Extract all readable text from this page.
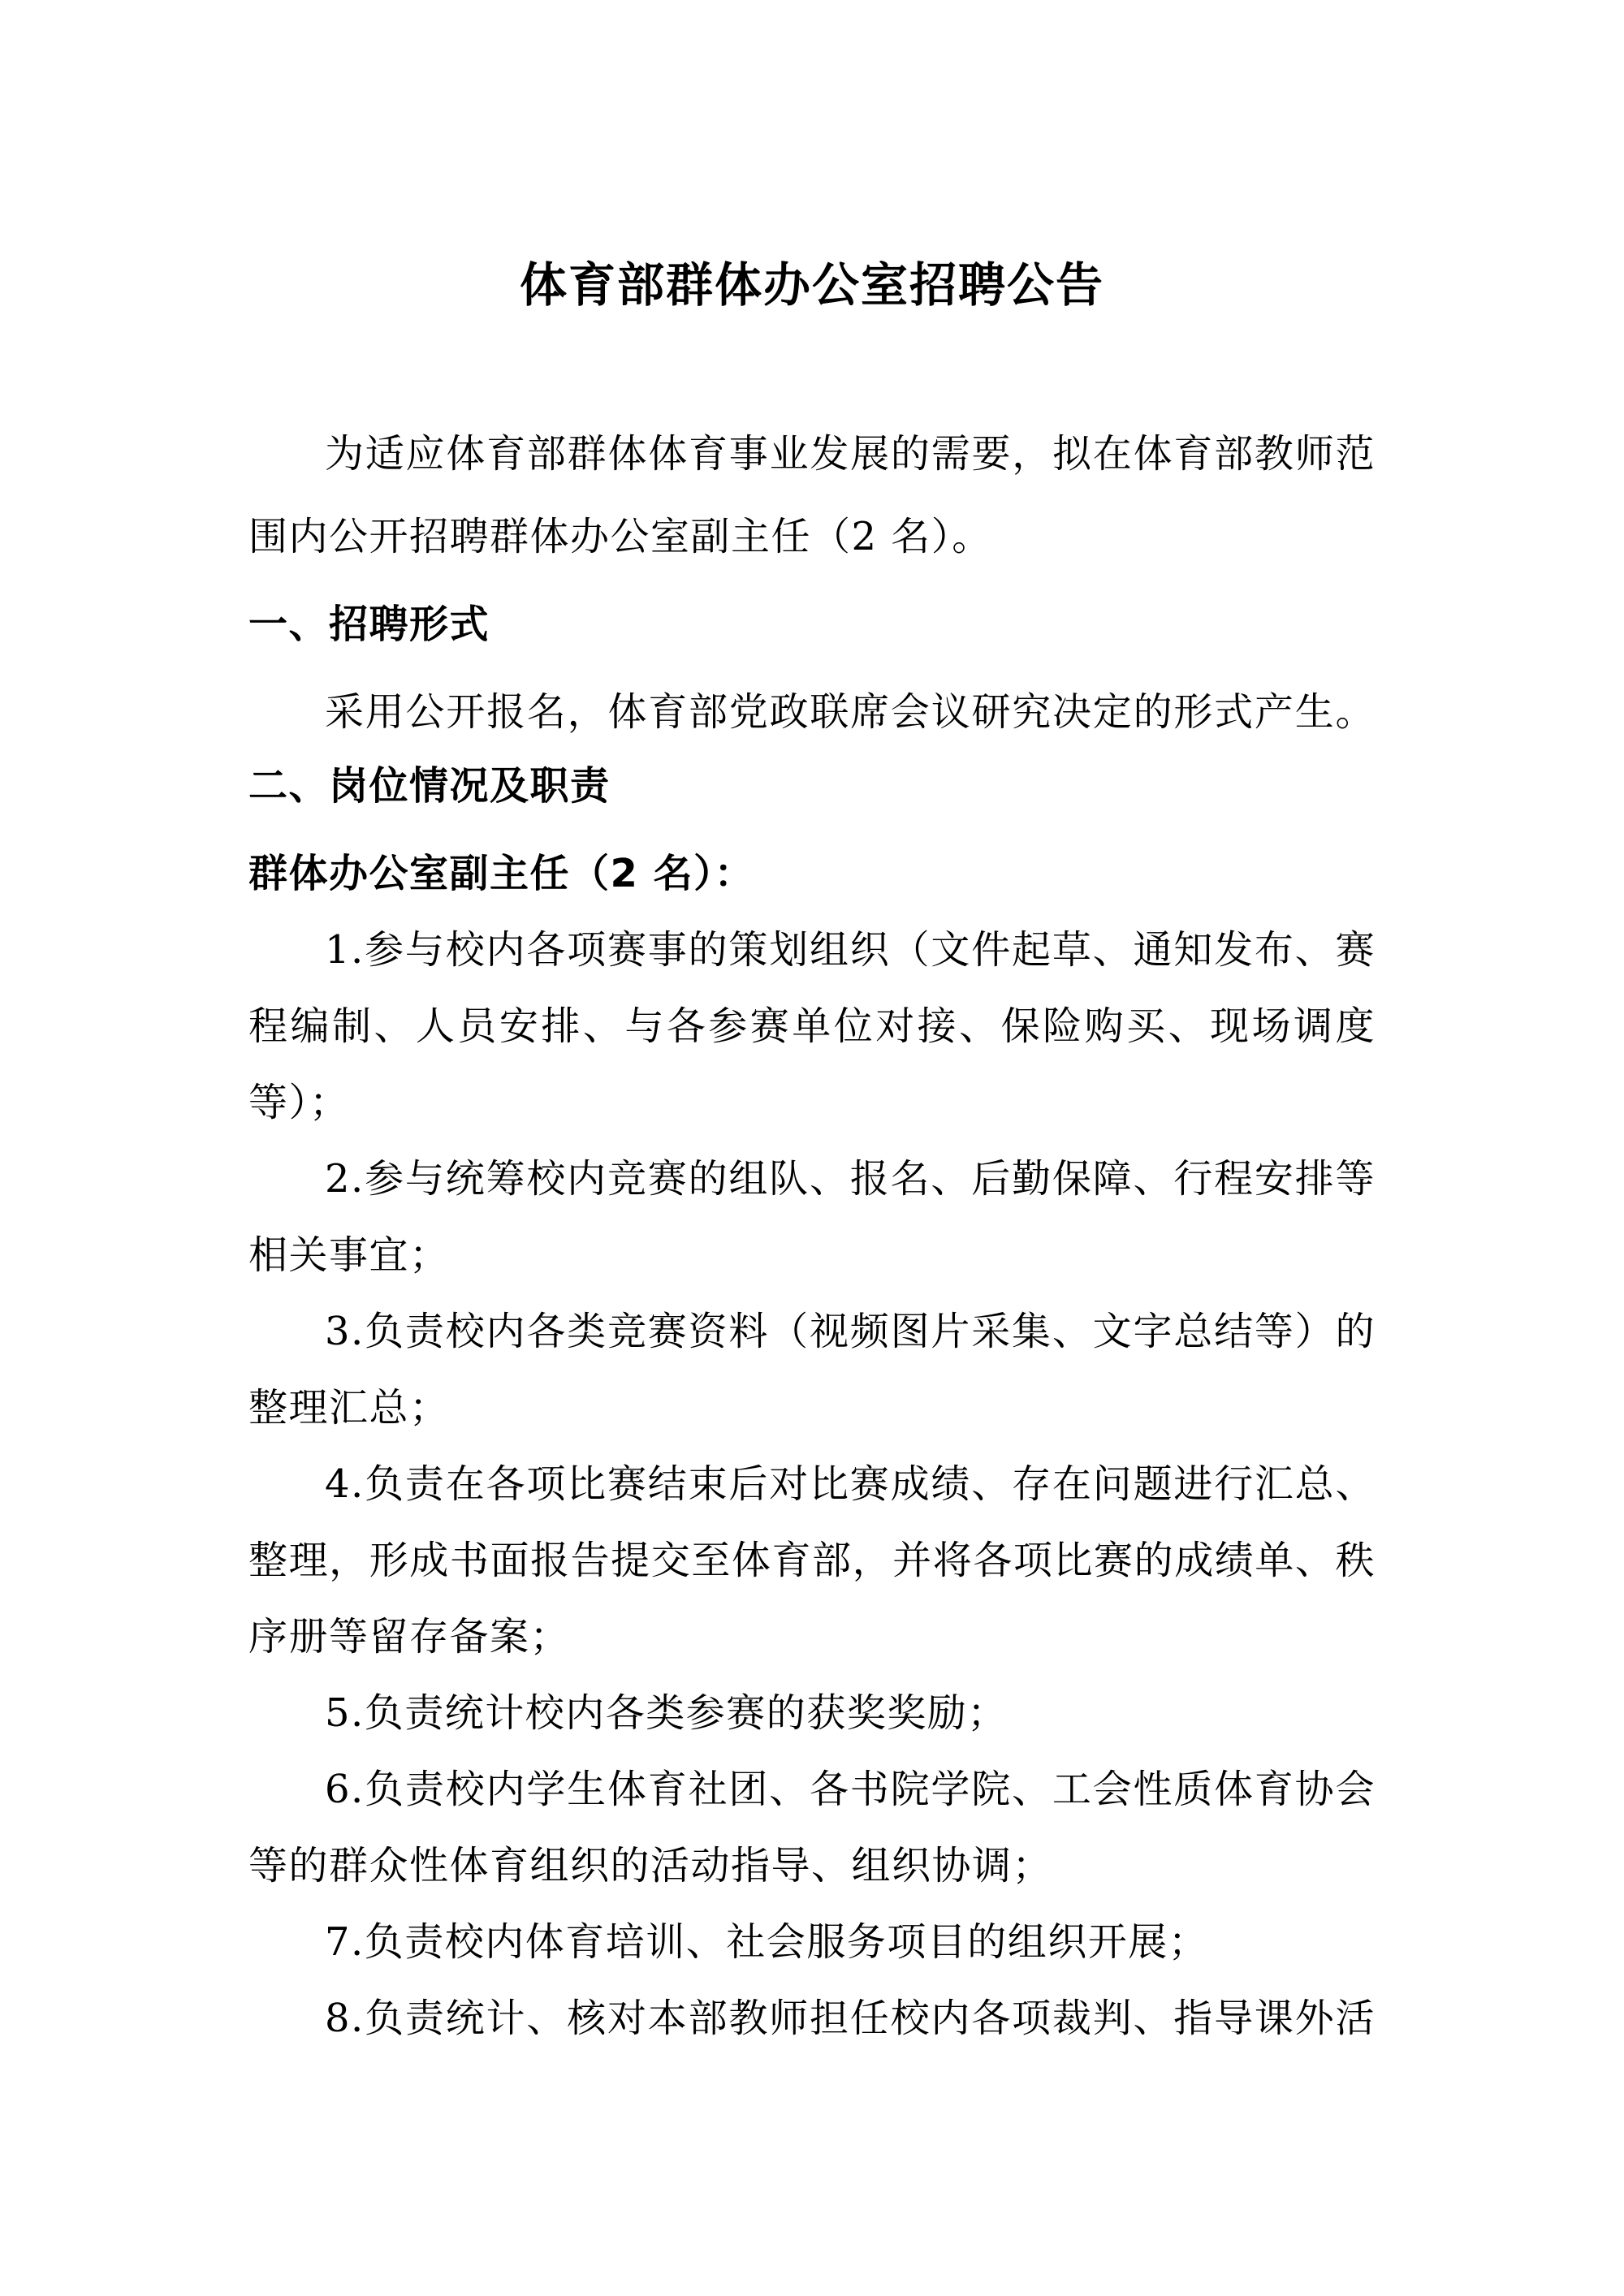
体育部群体办公室招聘公告
为适应体育部群体体育事业发展的需要，拟在体育部教师范
围内公开招聘群体办公室副主任（2 名）。
一、招聘形式
采用公开报名，体育部党政联席会议研究决定的形式产生。
二、岗位情况及职责
群体办公室副主任（2 名）：
1.参与校内各项赛事的策划组织（文件起草、通知发布、赛
程编制、人员安排、与各参赛单位对接、保险购买、现场调度
等）；
2.参与统筹校内竞赛的组队、报名、后勤保障、行程安排等
相关事宜；
3.负责校内各类竞赛资料（视频图片采集、文字总结等）的
整理汇总；
4.负责在各项比赛结束后对比赛成绩、存在问题进行汇总、
整理，形成书面报告提交至体育部，并将各项比赛的成绩单、秩
序册等留存备案；
5.负责统计校内各类参赛的获奖奖励；
6.负责校内学生体育社团、各书院学院、工会性质体育协会
等的群众性体育组织的活动指导、组织协调；
7.负责校内体育培训、社会服务项目的组织开展；
8.负责统计、核对本部教师担任校内各项裁判、指导课外活
